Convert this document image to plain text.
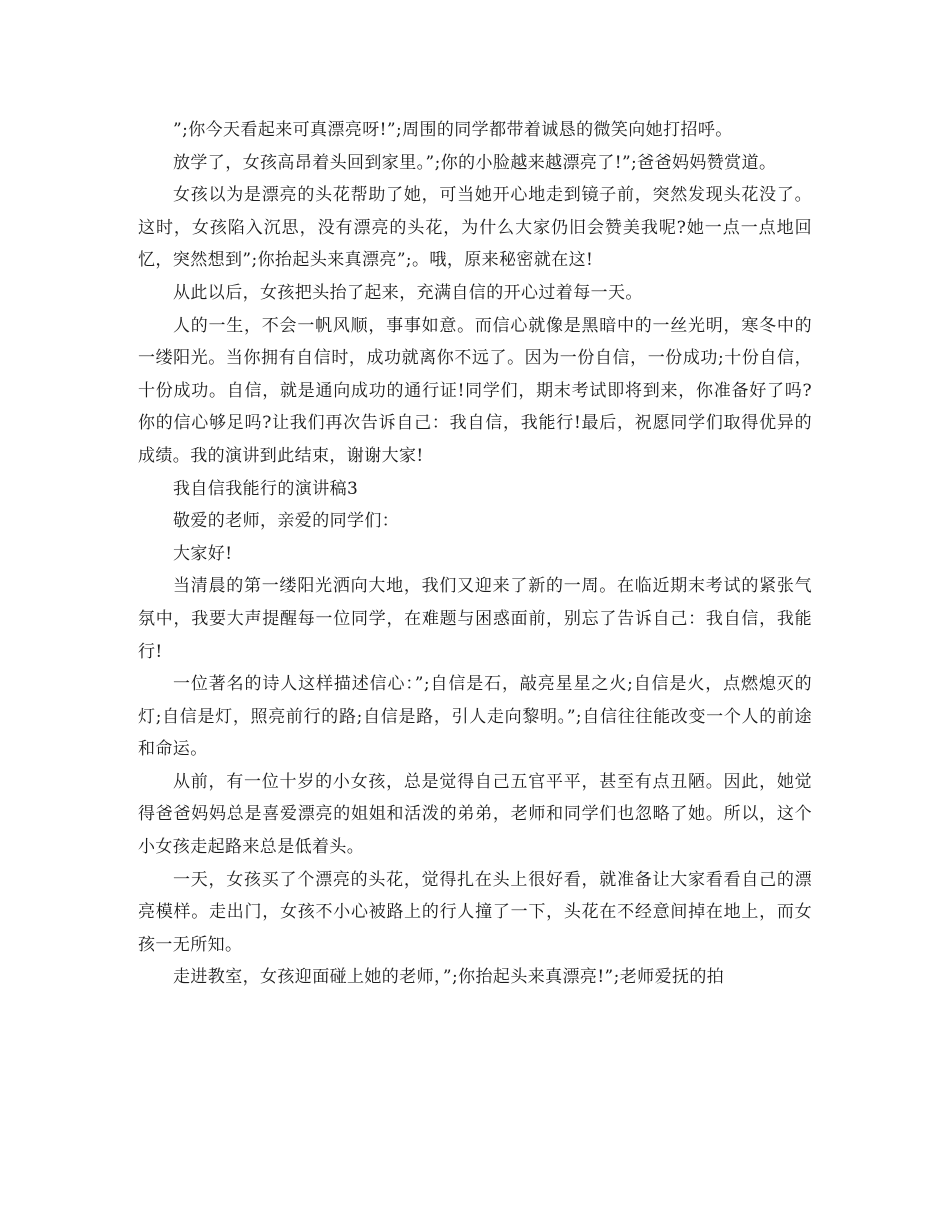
”;你今天看起来可真漂亮呀!”;周围的同学都带着诚恳的微笑向她打招呼。

放学了，女孩高昂着头回到家里。”;你的小脸越来越漂亮了!”;爸爸妈妈赞赏道。

女孩以为是漂亮的头花帮助了她，可当她开心地走到镜子前，突然发现头花没了。这时，女孩陷入沉思，没有漂亮的头花，为什么大家仍旧会赞美我呢?她一点一点地回忆，突然想到”;你抬起头来真漂亮”;。哦，原来秘密就在这!

从此以后，女孩把头抬了起来，充满自信的开心过着每一天。

人的一生，不会一帆风顺，事事如意。而信心就像是黑暗中的一丝光明，寒冬中的一缕阳光。当你拥有自信时，成功就离你不远了。因为一份自信，一份成功;十份自信，十份成功。自信，就是通向成功的通行证!同学们，期末考试即将到来，你准备好了吗?你的信心够足吗?让我们再次告诉自己：我自信，我能行!最后，祝愿同学们取得优异的成绩。我的演讲到此结束，谢谢大家!

我自信我能行的演讲稿3

敬爱的老师，亲爱的同学们：

大家好!

当清晨的第一缕阳光洒向大地，我们又迎来了新的一周。在临近期末考试的紧张气氛中，我要大声提醒每一位同学，在难题与困惑面前，别忘了告诉自己：我自信，我能行!

一位著名的诗人这样描述信心：”;自信是石，敲亮星星之火;自信是火，点燃熄灭的灯;自信是灯，照亮前行的路;自信是路，引人走向黎明。”;自信往往能改变一个人的前途和命运。

从前，有一位十岁的小女孩，总是觉得自己五官平平，甚至有点丑陋。因此，她觉得爸爸妈妈总是喜爱漂亮的姐姐和活泼的弟弟，老师和同学们也忽略了她。所以，这个小女孩走起路来总是低着头。

一天，女孩买了个漂亮的头花，觉得扎在头上很好看，就准备让大家看看自己的漂亮模样。走出门，女孩不小心被路上的行人撞了一下，头花在不经意间掉在地上，而女孩一无所知。

走进教室，女孩迎面碰上她的老师，”;你抬起头来真漂亮!”;老师爱抚的拍
